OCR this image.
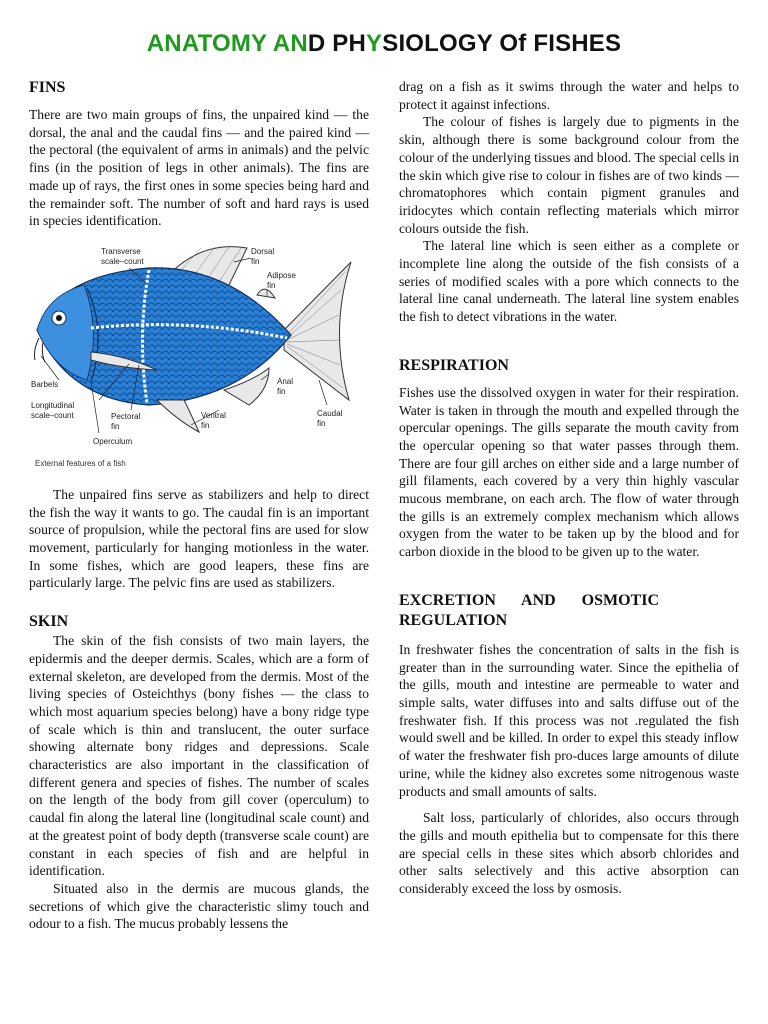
ANATOMY AND PHYSIOLOGY Of FISHES
FINS

There are two main groups of fins, the unpaired kind — the dorsal, the anal and the caudal fins — and the paired kind — the pectoral (the equivalent of arms in animals) and the pelvic fins (in the position of legs in other animals). The fins are made up of rays, the first ones in some species being hard and the remainder soft. The number of soft and hard rays is used in species identification.

Transverse
scale–count
Dorsal
fin
Adipose
fin
Barbels
Longitudinal
scale–count	Pectoral
fin
Ventral
fin
Anal
fin
Caudal
fin
Operculum
External features of a fish

The unpaired fins serve as stabilizers and help to direct the fish the way it wants to go. The caudal fin is an important source of propulsion, while the pectoral fins are used for slow movement, particularly for hanging motionless in the water. In some fishes, which are good leapers, these fins are particularly large. The pelvic fins are used as stabilizers.

SKIN

The skin of the fish consists of two main layers, the epidermis and the deeper dermis. Scales, which are a form of external skeleton, are developed from the dermis. Most of the living species of Osteichthys (bony fishes — the class to which most aquarium species belong) have a bony ridge type of scale which is thin and translucent, the outer surface showing alternate bony ridges and depressions. Scale characteristics are also important in the classification of different genera and species of fishes. The number of scales on the length of the body from gill cover (operculum) to caudal fin along the lateral line (longitudinal scale count) and at the greatest point of body depth (transverse scale count) are constant in each species of fish and are helpful in identification.

Situated also in the dermis are mucous glands, the secretions of which give the characteristic slimy touch and odour to a fish. The mucus probably lessens the

drag on a fish as it swims through the water and helps to protect it against infections.

The colour of fishes is largely due to pigments in the skin, although there is some background colour from the colour of the underlying tissues and blood. The special cells in the skin which give rise to colour in fishes are of two kinds — chromatophores which contain pigment granules and iridocytes which contain reflecting materials which mirror colours outside the fish.

The lateral line which is seen either as a complete or incomplete line along the outside of the fish consists of a series of modified scales with a pore which connects to the lateral line canal underneath. The lateral line system enables the fish to detect vibrations in the water.

RESPIRATION

Fishes use the dissolved oxygen in water for their respiration. Water is taken in through the mouth and expelled through the opercular openings. The gills separate the mouth cavity from the opercular opening so that water passes through them. There are four gill arches on either side and a large number of gill filaments, each covered by a very thin highly vascular mucous membrane, on each arch. The flow of water through the gills is an extremely complex mechanism which allows oxygen from the water to be taken up by the blood and for carbon dioxide in the blood to be given up to the water.

EXCRETION AND OSMOTIC REGULATION

In freshwater fishes the concentration of salts in the fish is greater than in the surrounding water. Since the epithelia of the gills, mouth and intestine are permeable to water and simple salts, water diffuses into and salts diffuse out of the freshwater fish. If this process was not .regulated the fish would swell and be killed. In order to expel this steady inflow of water the freshwater fish pro-duces large amounts of dilute urine, while the kidney also excretes some nitrogenous waste products and small amounts of salts.

Salt loss, particularly of chlorides, also occurs through the gills and mouth epithelia but to compensate for this there are special cells in these sites which absorb chlorides and other salts selectively and this active absorption can considerably exceed the loss by osmosis.
